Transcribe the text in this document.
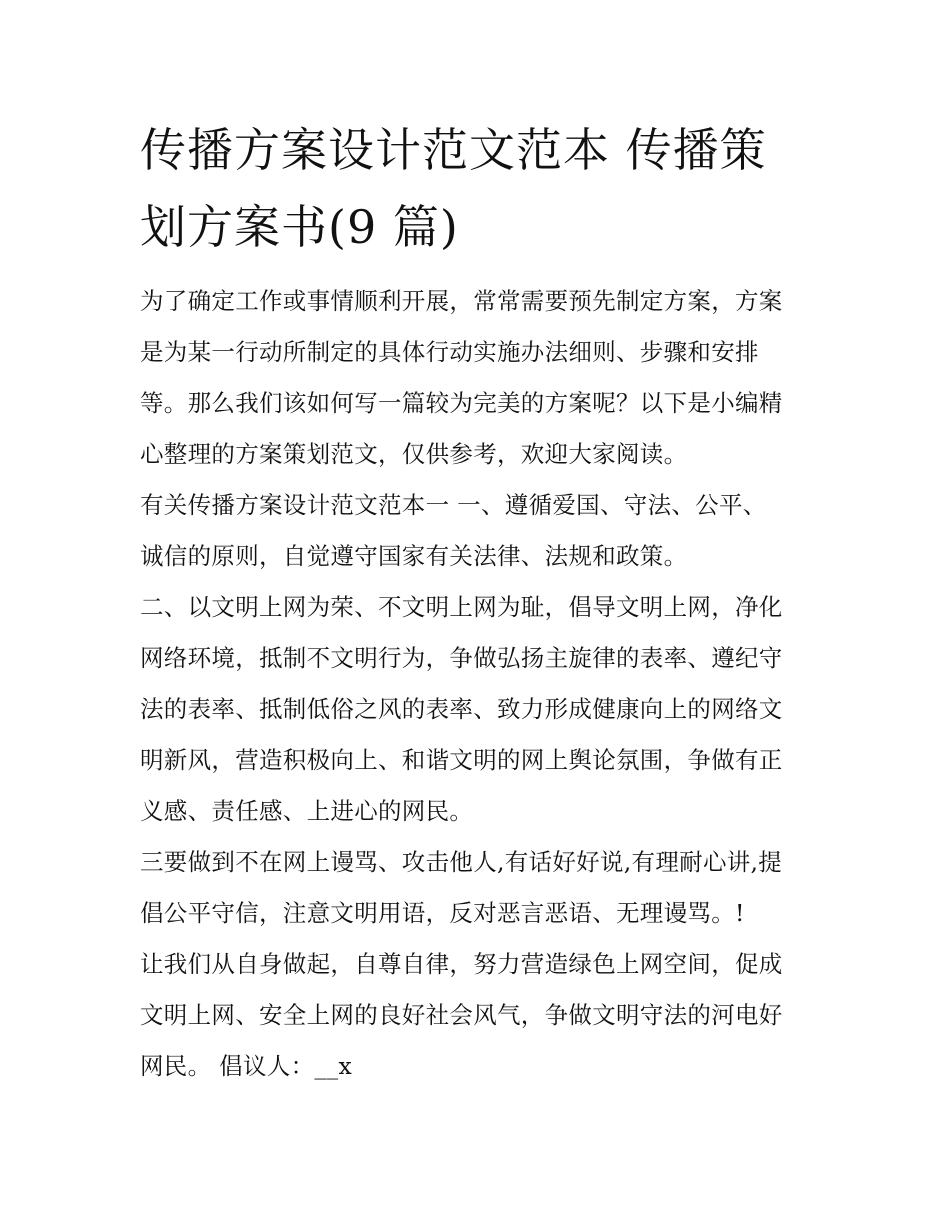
传播方案设计范文范本 传播策
划方案书(9 篇)
为了确定工作或事情顺利开展，常常需要预先制定方案，方案
是为某一行动所制定的具体行动实施办法细则、步骤和安排
等。那么我们该如何写一篇较为完美的方案呢？以下是小编精
心整理的方案策划范文，仅供参考，欢迎大家阅读。
有关传播方案设计范文范本一 一、遵循爱国、守法、公平、
诚信的原则，自觉遵守国家有关法律、法规和政策。
二、以文明上网为荣、不文明上网为耻，倡导文明上网，净化
网络环境，抵制不文明行为，争做弘扬主旋律的表率、遵纪守
法的表率、抵制低俗之风的表率、致力形成健康向上的网络文
明新风，营造积极向上、和谐文明的网上舆论氛围，争做有正
义感、责任感、上进心的网民。
三要做到不在网上谩骂、攻击他人,有话好好说,有理耐心讲,提
倡公平守信，注意文明用语，反对恶言恶语、无理谩骂。!
让我们从自身做起，自尊自律，努力营造绿色上网空间，促成
文明上网、安全上网的良好社会风气，争做文明守法的河电好
网民。 倡议人：__x
